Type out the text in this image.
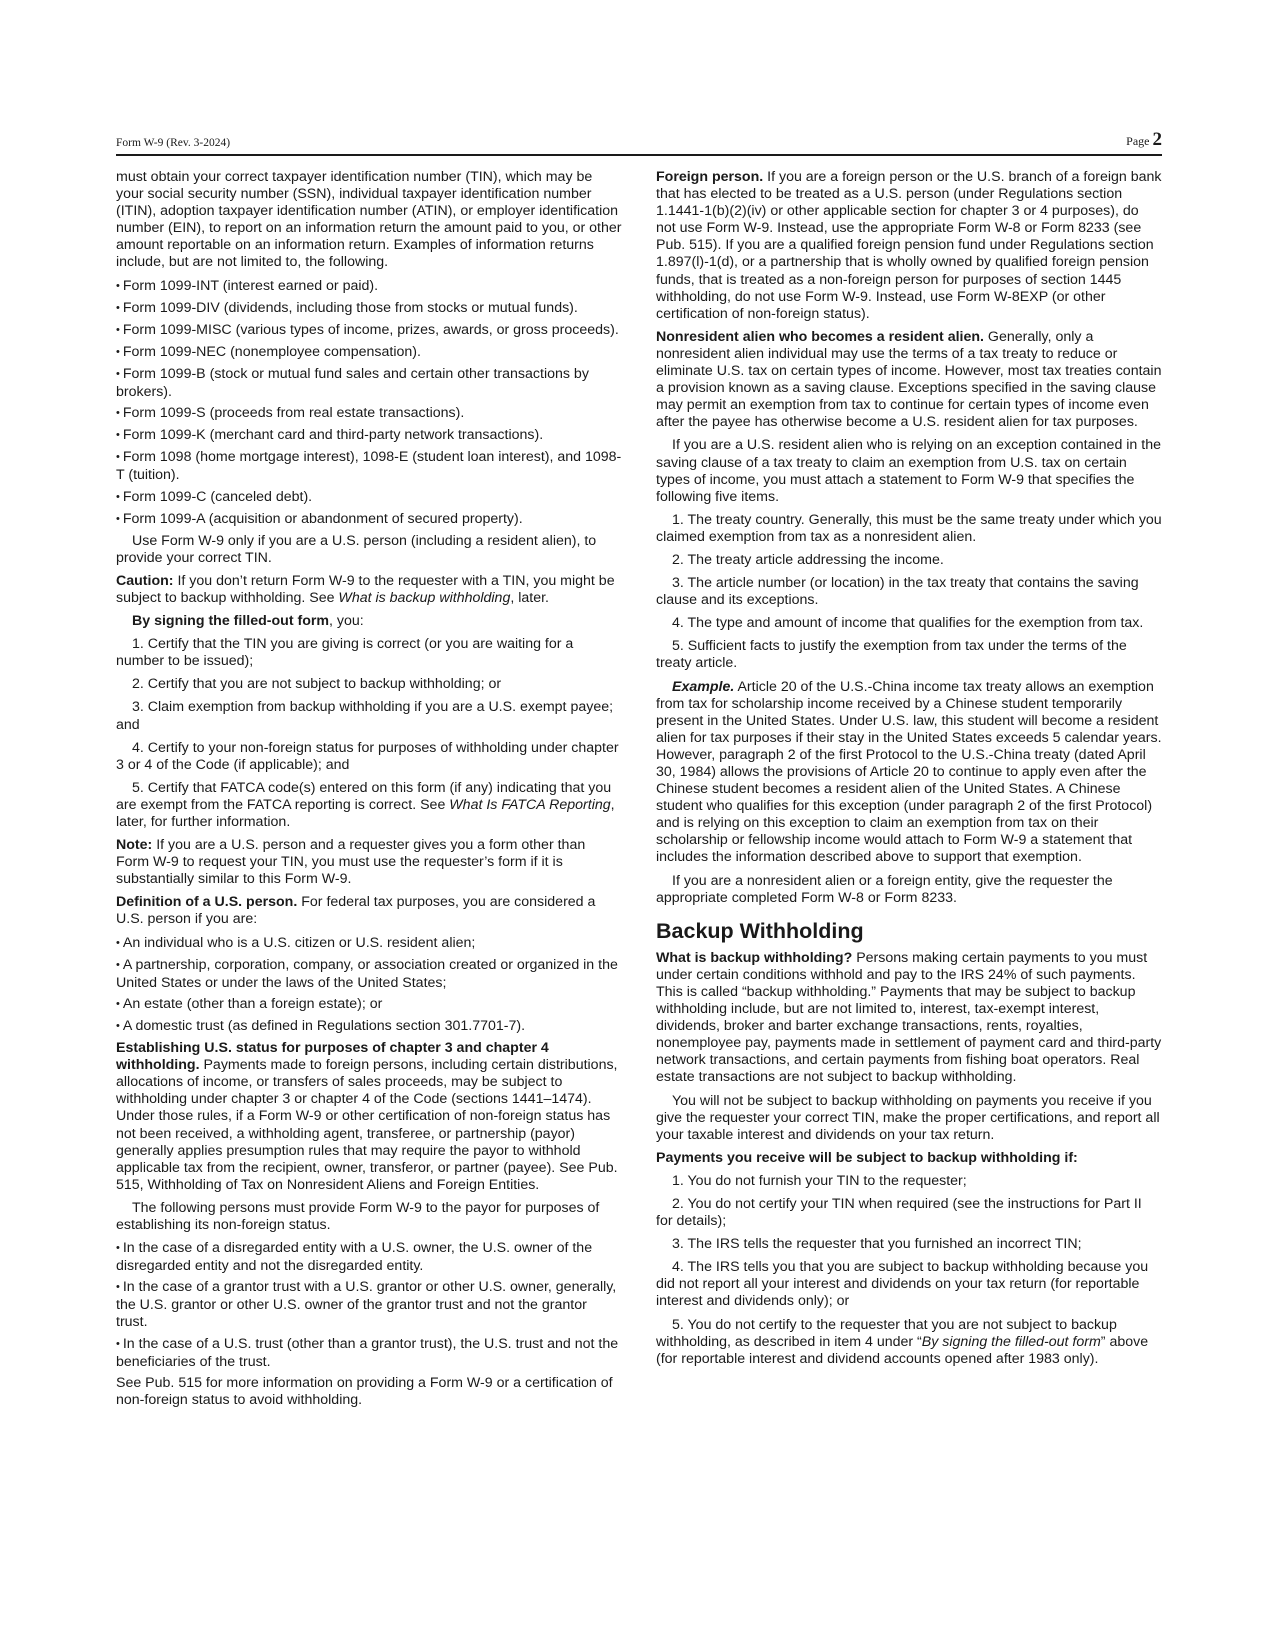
Form W-9 (Rev. 3-2024)	Page 2

must obtain your correct taxpayer identification number (TIN), which may be your social security number (SSN), individual taxpayer identification number (ITIN), adoption taxpayer identification number (ATIN), or employer identification number (EIN), to report on an information return the amount paid to you, or other amount reportable on an information return. Examples of information returns include, but are not limited to, the following.

• Form 1099-INT (interest earned or paid).

• Form 1099-DIV (dividends, including those from stocks or mutual funds).

• Form 1099-MISC (various types of income, prizes, awards, or gross proceeds).

• Form 1099-NEC (nonemployee compensation).

• Form 1099-B (stock or mutual fund sales and certain other transactions by brokers).

• Form 1099-S (proceeds from real estate transactions).

• Form 1099-K (merchant card and third-party network transactions).

• Form 1098 (home mortgage interest), 1098-E (student loan interest), and 1098-T (tuition).

• Form 1099-C (canceled debt).

• Form 1099-A (acquisition or abandonment of secured property).

Use Form W-9 only if you are a U.S. person (including a resident alien), to provide your correct TIN.

Caution: If you don’t return Form W-9 to the requester with a TIN, you might be subject to backup withholding. See What is backup withholding, later.

By signing the filled-out form, you:

1. Certify that the TIN you are giving is correct (or you are waiting for a number to be issued);

2. Certify that you are not subject to backup withholding; or

3. Claim exemption from backup withholding if you are a U.S. exempt payee; and

4. Certify to your non-foreign status for purposes of withholding under chapter 3 or 4 of the Code (if applicable); and

5. Certify that FATCA code(s) entered on this form (if any) indicating that you are exempt from the FATCA reporting is correct. See What Is FATCA Reporting, later, for further information.

Note: If you are a U.S. person and a requester gives you a form other than Form W-9 to request your TIN, you must use the requester’s form if it is substantially similar to this Form W-9.

Definition of a U.S. person. For federal tax purposes, you are considered a U.S. person if you are:

• An individual who is a U.S. citizen or U.S. resident alien;

• A partnership, corporation, company, or association created or organized in the United States or under the laws of the United States;

• An estate (other than a foreign estate); or

• A domestic trust (as defined in Regulations section 301.7701-7).

Establishing U.S. status for purposes of chapter 3 and chapter 4 withholding. Payments made to foreign persons, including certain distributions, allocations of income, or transfers of sales proceeds, may be subject to withholding under chapter 3 or chapter 4 of the Code (sections 1441–1474). Under those rules, if a Form W-9 or other certification of non-foreign status has not been received, a withholding agent, transferee, or partnership (payor) generally applies presumption rules that may require the payor to withhold applicable tax from the recipient, owner, transferor, or partner (payee). See Pub. 515, Withholding of Tax on Nonresident Aliens and Foreign Entities.

The following persons must provide Form W-9 to the payor for purposes of establishing its non-foreign status.

• In the case of a disregarded entity with a U.S. owner, the U.S. owner of the disregarded entity and not the disregarded entity.

• In the case of a grantor trust with a U.S. grantor or other U.S. owner, generally, the U.S. grantor or other U.S. owner of the grantor trust and not the grantor trust.

• In the case of a U.S. trust (other than a grantor trust), the U.S. trust and not the beneficiaries of the trust.

See Pub. 515 for more information on providing a Form W-9 or a certification of non-foreign status to avoid withholding.

Foreign person. If you are a foreign person or the U.S. branch of a foreign bank that has elected to be treated as a U.S. person (under Regulations section 1.1441-1(b)(2)(iv) or other applicable section for chapter 3 or 4 purposes), do not use Form W-9. Instead, use the appropriate Form W-8 or Form 8233 (see Pub. 515). If you are a qualified foreign pension fund under Regulations section 1.897(l)-1(d), or a partnership that is wholly owned by qualified foreign pension funds, that is treated as a non-foreign person for purposes of section 1445 withholding, do not use Form W-9. Instead, use Form W-8EXP (or other certification of non-foreign status).

Nonresident alien who becomes a resident alien. Generally, only a nonresident alien individual may use the terms of a tax treaty to reduce or eliminate U.S. tax on certain types of income. However, most tax treaties contain a provision known as a saving clause. Exceptions specified in the saving clause may permit an exemption from tax to continue for certain types of income even after the payee has otherwise become a U.S. resident alien for tax purposes.

If you are a U.S. resident alien who is relying on an exception contained in the saving clause of a tax treaty to claim an exemption from U.S. tax on certain types of income, you must attach a statement to Form W-9 that specifies the following five items.

1. The treaty country. Generally, this must be the same treaty under which you claimed exemption from tax as a nonresident alien.

2. The treaty article addressing the income.

3. The article number (or location) in the tax treaty that contains the saving clause and its exceptions.

4. The type and amount of income that qualifies for the exemption from tax.

5. Sufficient facts to justify the exemption from tax under the terms of the treaty article.

Example. Article 20 of the U.S.-China income tax treaty allows an exemption from tax for scholarship income received by a Chinese student temporarily present in the United States. Under U.S. law, this student will become a resident alien for tax purposes if their stay in the United States exceeds 5 calendar years. However, paragraph 2 of the first Protocol to the U.S.-China treaty (dated April 30, 1984) allows the provisions of Article 20 to continue to apply even after the Chinese student becomes a resident alien of the United States. A Chinese student who qualifies for this exception (under paragraph 2 of the first Protocol) and is relying on this exception to claim an exemption from tax on their scholarship or fellowship income would attach to Form W-9 a statement that includes the information described above to support that exemption.

If you are a nonresident alien or a foreign entity, give the requester the appropriate completed Form W-8 or Form 8233.

Backup Withholding

What is backup withholding? Persons making certain payments to you must under certain conditions withhold and pay to the IRS 24% of such payments. This is called “backup withholding.” Payments that may be subject to backup withholding include, but are not limited to, interest, tax-exempt interest, dividends, broker and barter exchange transactions, rents, royalties, nonemployee pay, payments made in settlement of payment card and third-party network transactions, and certain payments from fishing boat operators. Real estate transactions are not subject to backup withholding.

You will not be subject to backup withholding on payments you receive if you give the requester your correct TIN, make the proper certifications, and report all your taxable interest and dividends on your tax return.

Payments you receive will be subject to backup withholding if:

1. You do not furnish your TIN to the requester;

2. You do not certify your TIN when required (see the instructions for Part II for details);

3. The IRS tells the requester that you furnished an incorrect TIN;

4. The IRS tells you that you are subject to backup withholding because you did not report all your interest and dividends on your tax return (for reportable interest and dividends only); or

5. You do not certify to the requester that you are not subject to backup withholding, as described in item 4 under “By signing the filled-out form” above (for reportable interest and dividend accounts opened after 1983 only).
